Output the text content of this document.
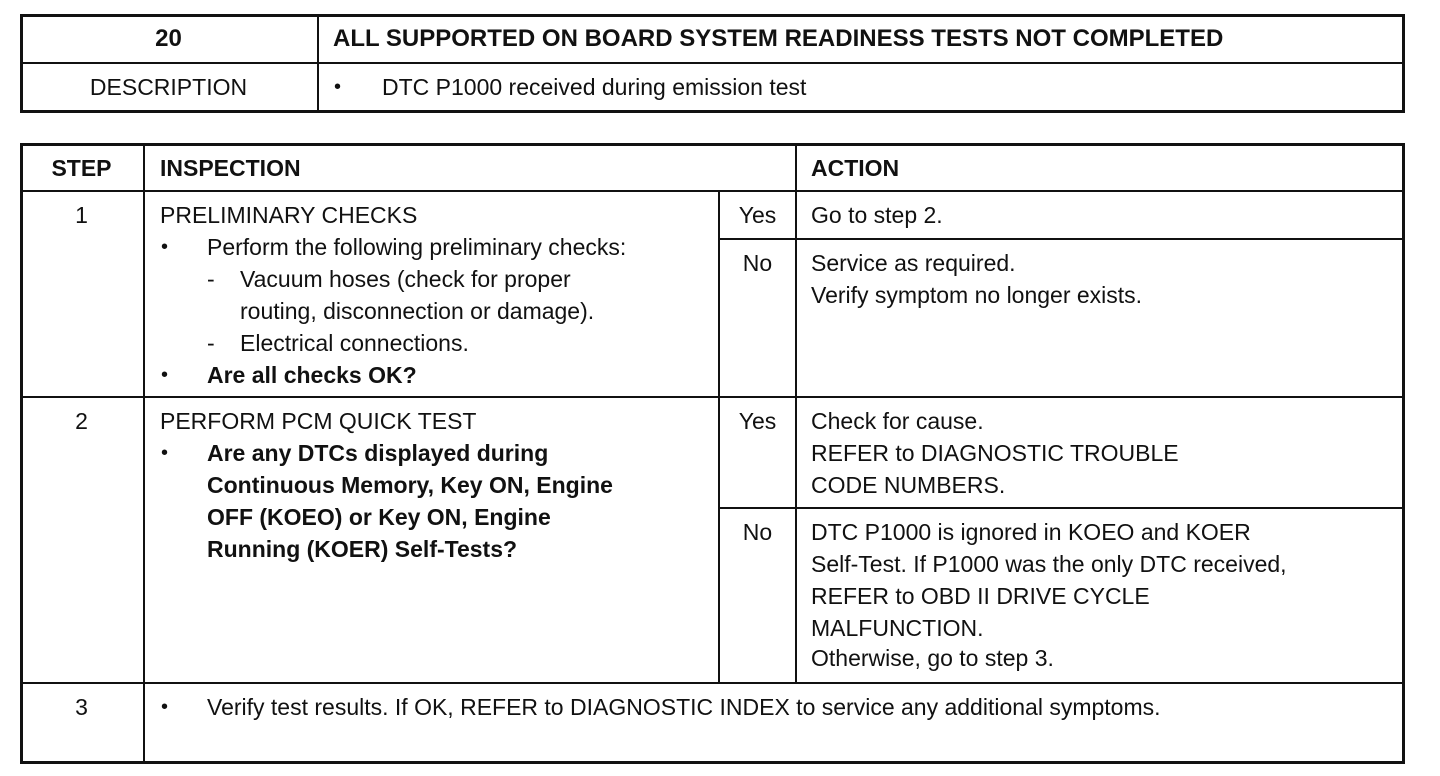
20	ALL SUPPORTED ON BOARD SYSTEM READINESS TESTS NOT COMPLETED
DESCRIPTION	• DTC P1000 received during emission test
STEP	INSPECTION	ACTION
1	PRELIMINARY CHECKS
• Perform the following preliminary checks:
- Vacuum hoses (check for proper
routing, disconnection or damage).
- Electrical connections.
• Are all checks OK?
Yes	Go to step 2.
No	Service as required.
Verify symptom no longer exists.
2	PERFORM PCM QUICK TEST
• Are any DTCs displayed during
Continuous Memory, Key ON, Engine
OFF (KOEO) or Key ON, Engine
Running (KOER) Self-Tests?
Yes	Check for cause.
REFER to DIAGNOSTIC TROUBLE
CODE NUMBERS.
No	DTC P1000 is ignored in KOEO and KOER
Self-Test. If P1000 was the only DTC received,
REFER to OBD II DRIVE CYCLE
MALFUNCTION.
Otherwise, go to step 3.
3	• Verify test results. If OK, REFER to DIAGNOSTIC INDEX to service any additional symptoms.
